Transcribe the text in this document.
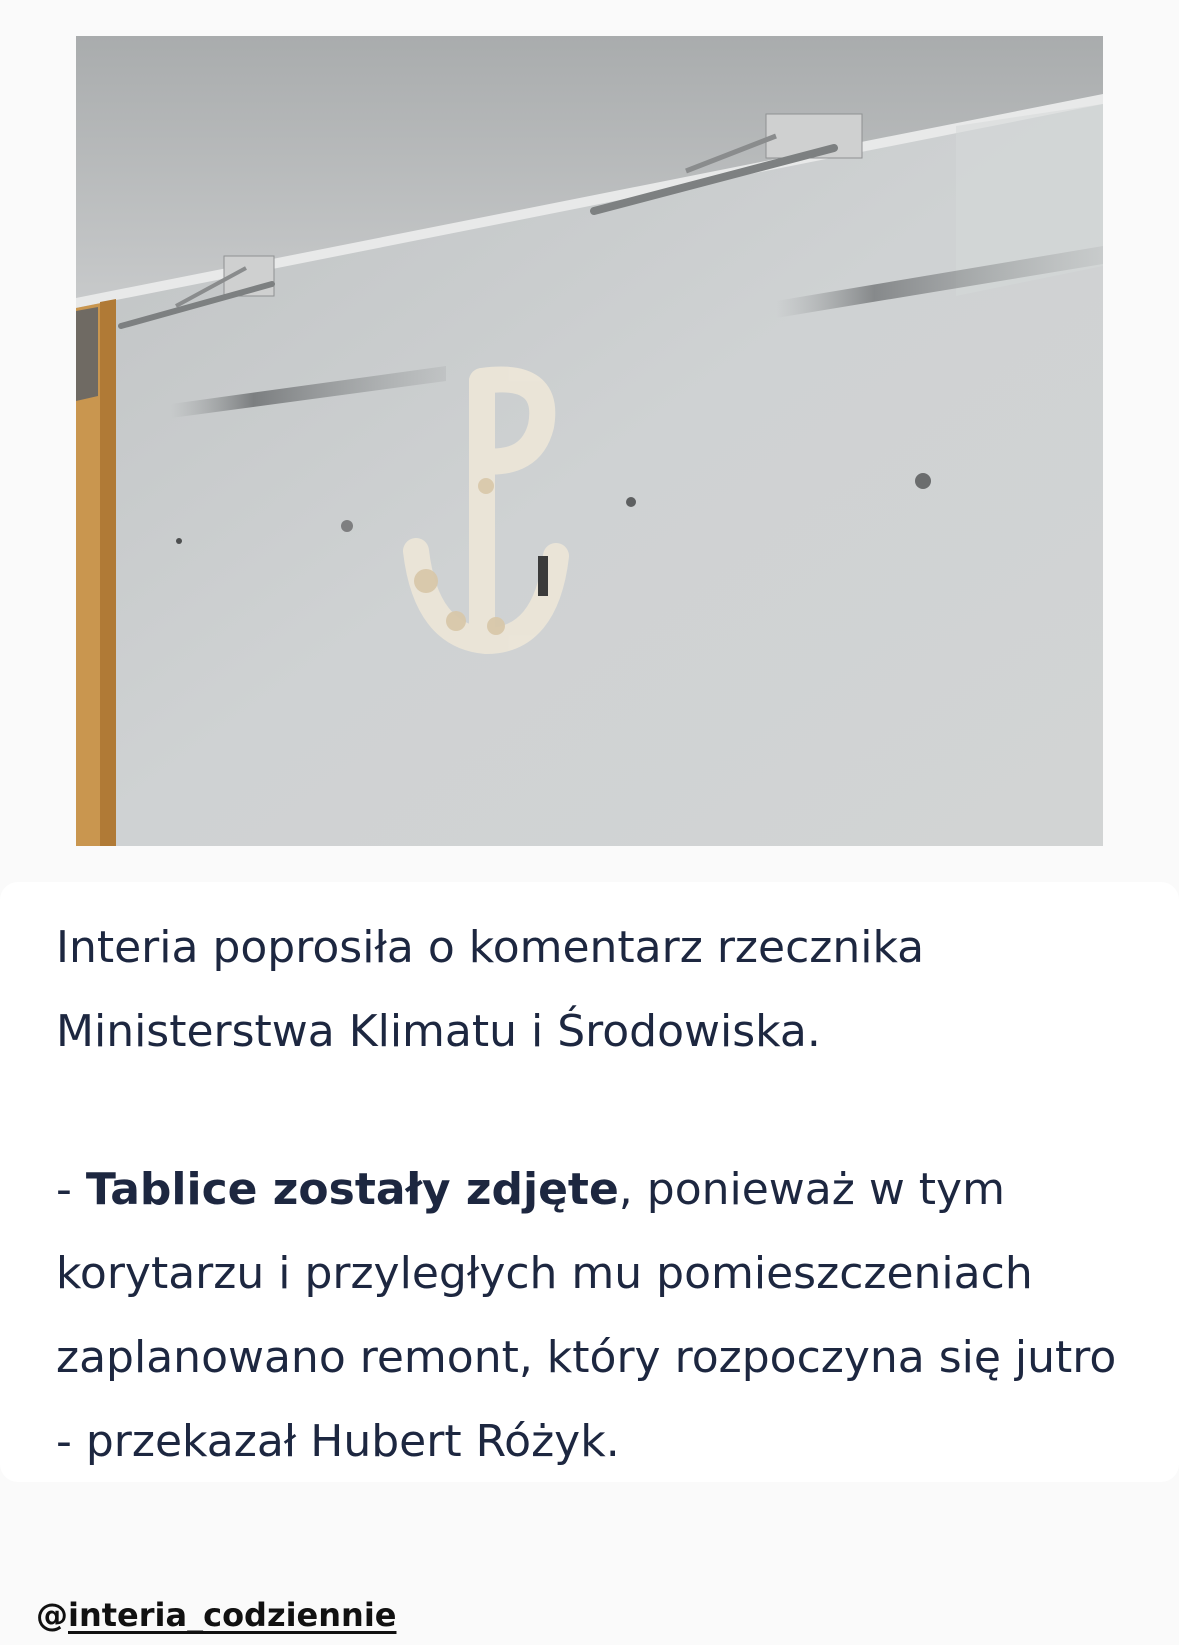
Interia poprosiła o komentarz rzecznika Ministerstwa Klimatu i Środowiska.

- Tablice zostały zdjęte, ponieważ w tym korytarzu i przyległych mu pomieszczeniach zaplanowano remont, który rozpoczyna się jutro - przekazał Hubert Różyk.

@interia_codziennie
